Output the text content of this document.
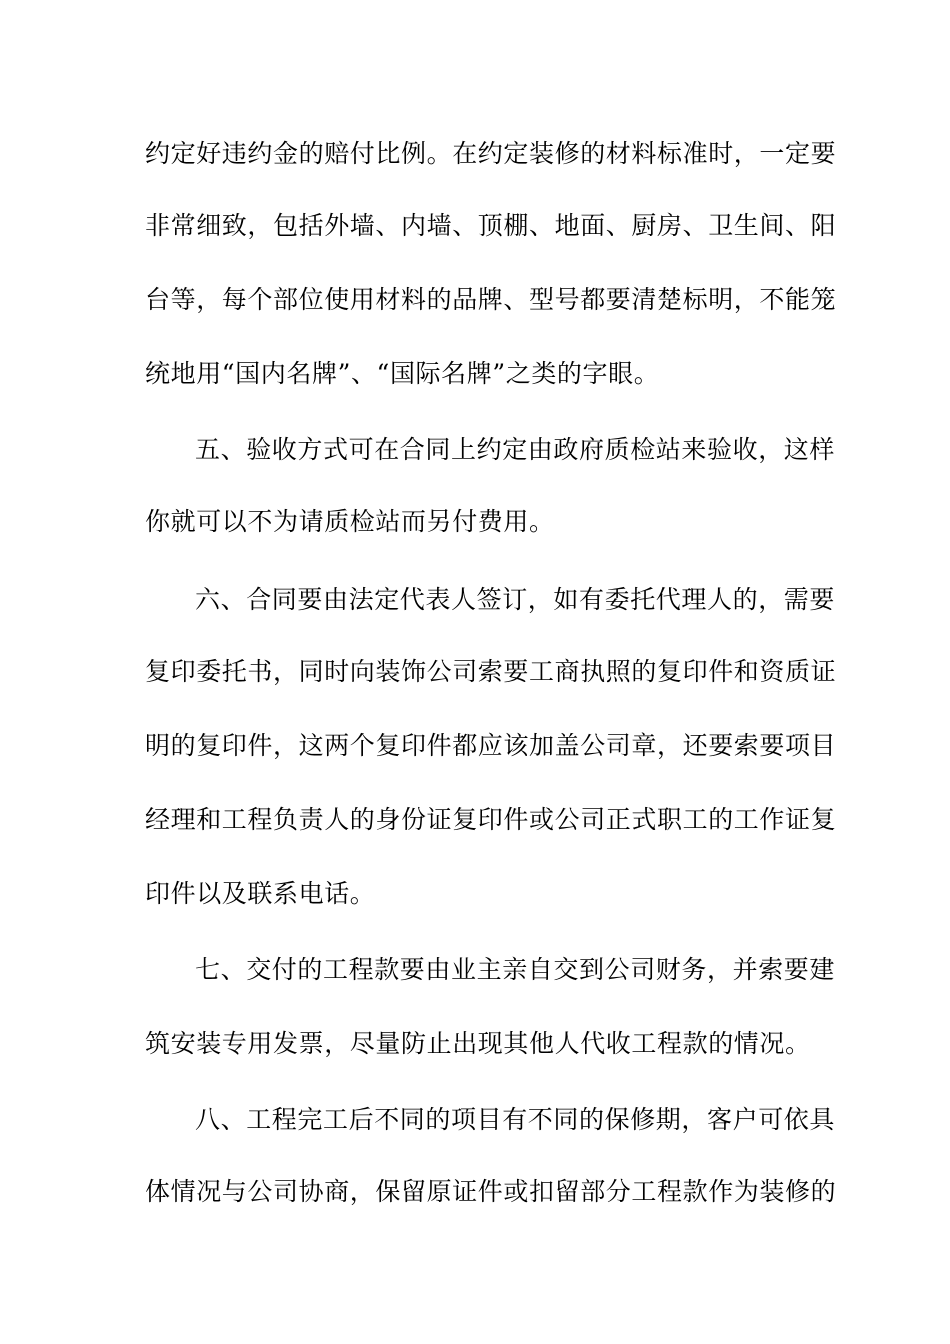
约定好违约金的赔付比例。在约定装修的材料标准时，一定要
非常细致，包括外墙、内墙、顶棚、地面、厨房、卫生间、阳
台等，每个部位使用材料的品牌、型号都要清楚标明，不能笼
统地用“国内名牌”、“国际名牌”之类的字眼。
五、验收方式可在合同上约定由政府质检站来验收，这样
你就可以不为请质检站而另付费用。
六、合同要由法定代表人签订，如有委托代理人的，需要
复印委托书，同时向装饰公司索要工商执照的复印件和资质证
明的复印件，这两个复印件都应该加盖公司章，还要索要项目
经理和工程负责人的身份证复印件或公司正式职工的工作证复
印件以及联系电话。
七、交付的工程款要由业主亲自交到公司财务，并索要建
筑安装专用发票，尽量防止出现其他人代收工程款的情况。
八、工程完工后不同的项目有不同的保修期，客户可依具
体情况与公司协商，保留原证件或扣留部分工程款作为装修的
